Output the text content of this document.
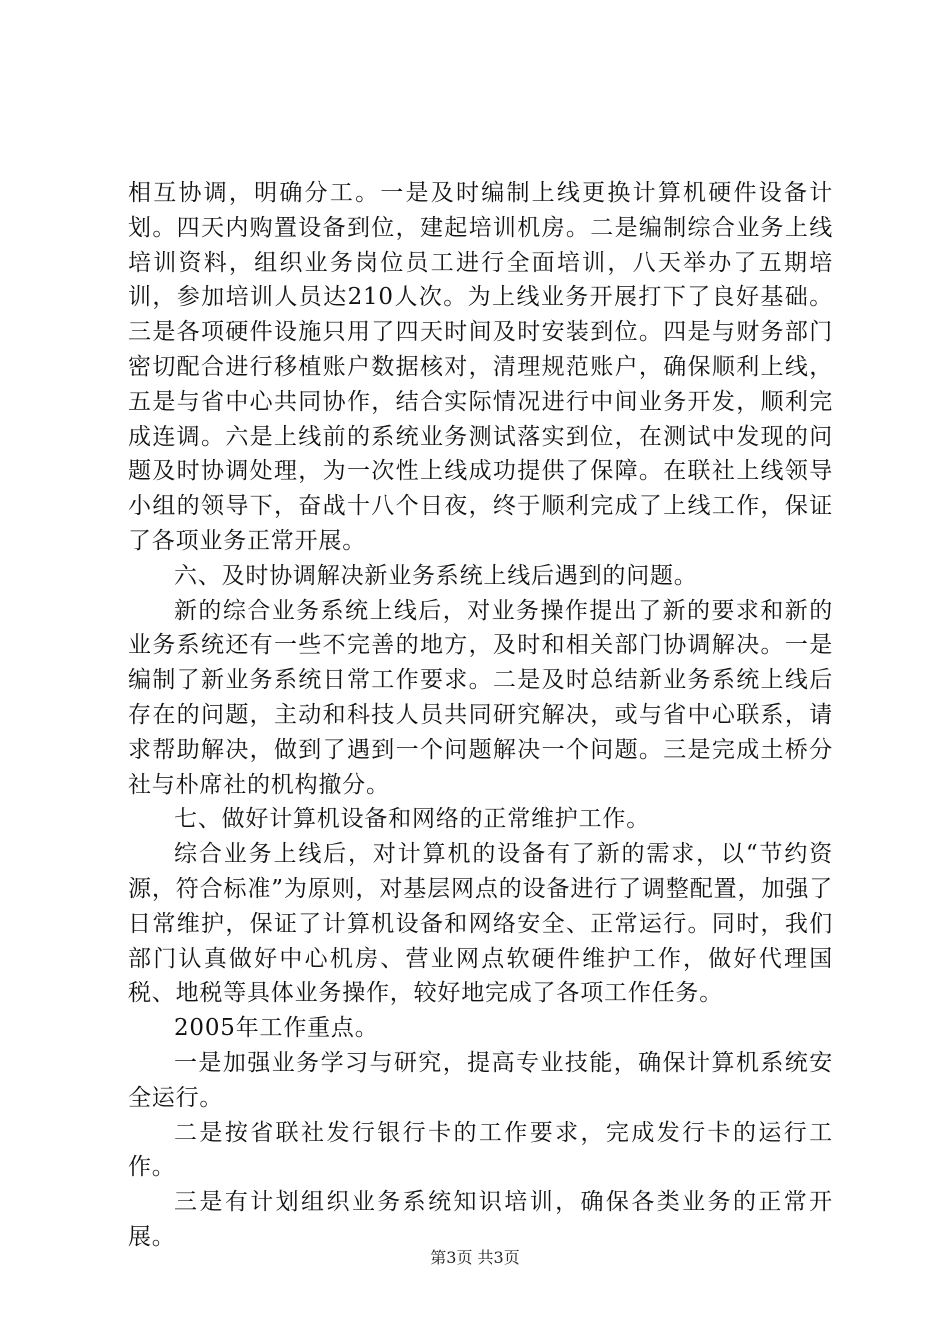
相互协调，明确分工。一是及时编制上线更换计算机硬件设备计划。四天内购置设备到位，建起培训机房。二是编制综合业务上线培训资料，组织业务岗位员工进行全面培训，八天举办了五期培训，参加培训人员达210人次。为上线业务开展打下了良好基础。三是各项硬件设施只用了四天时间及时安装到位。四是与财务部门密切配合进行移植账户数据核对，清理规范账户，确保顺利上线，五是与省中心共同协作，结合实际情况进行中间业务开发，顺利完成连调。六是上线前的系统业务测试落实到位，在测试中发现的问题及时协调处理，为一次性上线成功提供了保障。在联社上线领导小组的领导下，奋战十八个日夜，终于顺利完成了上线工作，保证了各项业务正常开展。

六、及时协调解决新业务系统上线后遇到的问题。

新的综合业务系统上线后，对业务操作提出了新的要求和新的业务系统还有一些不完善的地方，及时和相关部门协调解决。一是编制了新业务系统日常工作要求。二是及时总结新业务系统上线后存在的问题，主动和科技人员共同研究解决，或与省中心联系，请求帮助解决，做到了遇到一个问题解决一个问题。三是完成土桥分社与朴席社的机构撤分。

七、做好计算机设备和网络的正常维护工作。

综合业务上线后，对计算机的设备有了新的需求，以“节约资源，符合标准”为原则，对基层网点的设备进行了调整配置，加强了日常维护，保证了计算机设备和网络安全、正常运行。同时，我们部门认真做好中心机房、营业网点软硬件维护工作，做好代理国税、地税等具体业务操作，较好地完成了各项工作任务。

2005年工作重点。

一是加强业务学习与研究，提高专业技能，确保计算机系统安全运行。

二是按省联社发行银行卡的工作要求，完成发行卡的运行工作。

三是有计划组织业务系统知识培训，确保各类业务的正常开展。

第3页 共3页
